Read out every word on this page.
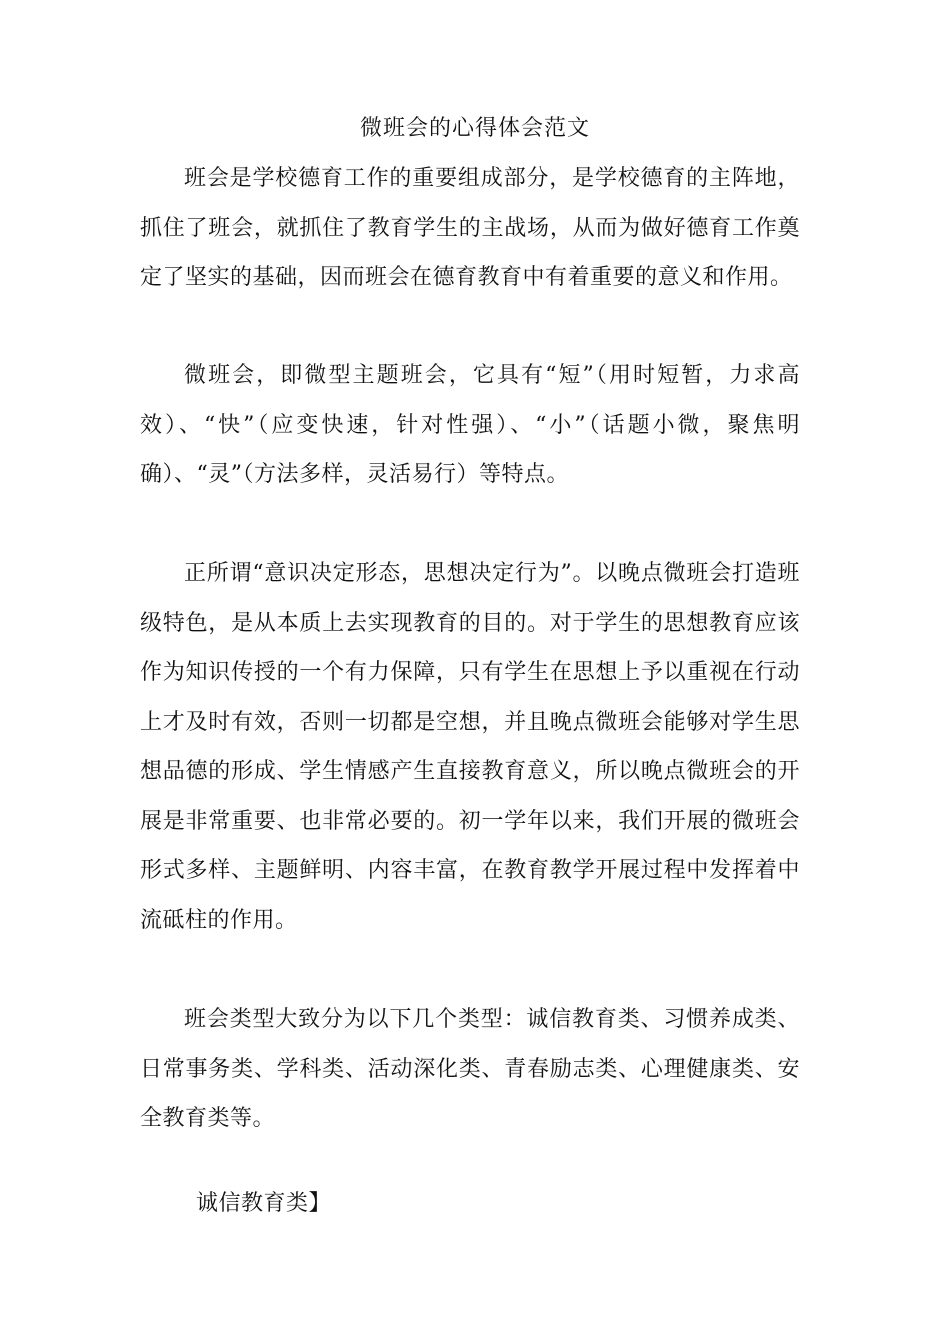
微班会的心得体会范文

班会是学校德育工作的重要组成部分，是学校德育的主阵地，抓住了班会，就抓住了教育学生的主战场，从而为做好德育工作奠定了坚实的基础，因而班会在德育教育中有着重要的意义和作用。

微班会，即微型主题班会，它具有“短”（用时短暂，力求高效）、“快”（应变快速，针对性强）、“小”（话题小微，聚焦明确）、“灵”（方法多样，灵活易行）等特点。

正所谓“意识决定形态，思想决定行为”。以晚点微班会打造班级特色，是从本质上去实现教育的目的。对于学生的思想教育应该作为知识传授的一个有力保障，只有学生在思想上予以重视在行动上才及时有效，否则一切都是空想，并且晚点微班会能够对学生思想品德的形成、学生情感产生直接教育意义，所以晚点微班会的开展是非常重要、也非常必要的。初一学年以来，我们开展的微班会形式多样、主题鲜明、内容丰富，在教育教学开展过程中发挥着中流砥柱的作用。

班会类型大致分为以下几个类型：诚信教育类、习惯养成类、日常事务类、学科类、活动深化类、青春励志类、心理健康类、安全教育类等。

诚信教育类】
